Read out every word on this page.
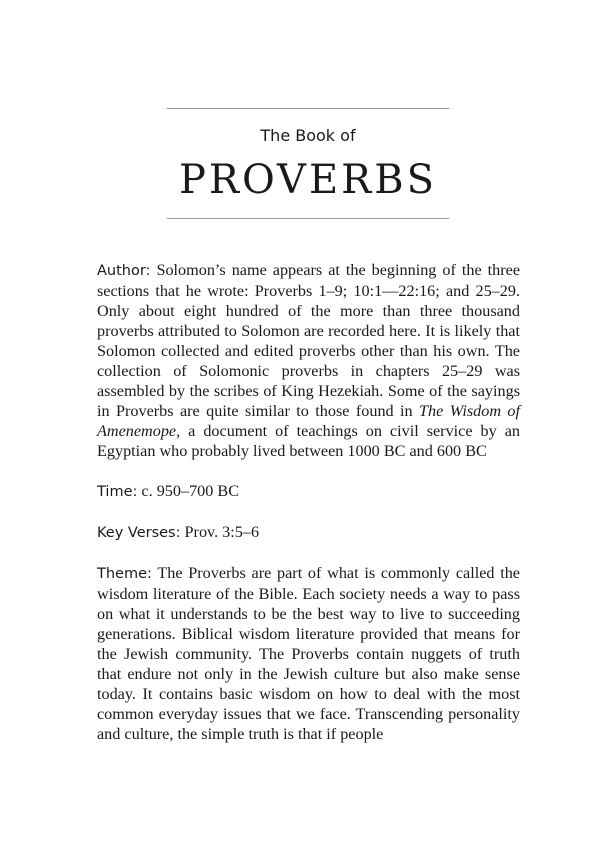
The Book of
PROVERBS

Author: Solomon’s name appears at the beginning of the three sections that he wrote: Proverbs 1–9; 10:1—22:16; and 25–29. Only about eight hundred of the more than three thousand proverbs attributed to Solomon are recorded here. It is likely that Solomon collected and edited proverbs other than his own. The collection of Solomonic proverbs in chapters 25–29 was assembled by the scribes of King Hezekiah. Some of the sayings in Proverbs are quite similar to those found in The Wisdom of Amenemope, a document of teachings on civil service by an Egyptian who probably lived between 1000 BC and 600 BC

Time: c. 950–700 BC

Key Verses: Prov. 3:5–6

Theme: The Proverbs are part of what is commonly called the wisdom literature of the Bible. Each society needs a way to pass on what it understands to be the best way to live to succeeding generations. Biblical wisdom literature provided that means for the Jewish community. The Proverbs contain nuggets of truth that endure not only in the Jewish culture but also make sense today. It contains basic wisdom on how to deal with the most common everyday issues that we face. Transcending personality and culture, the simple truth is that if people
